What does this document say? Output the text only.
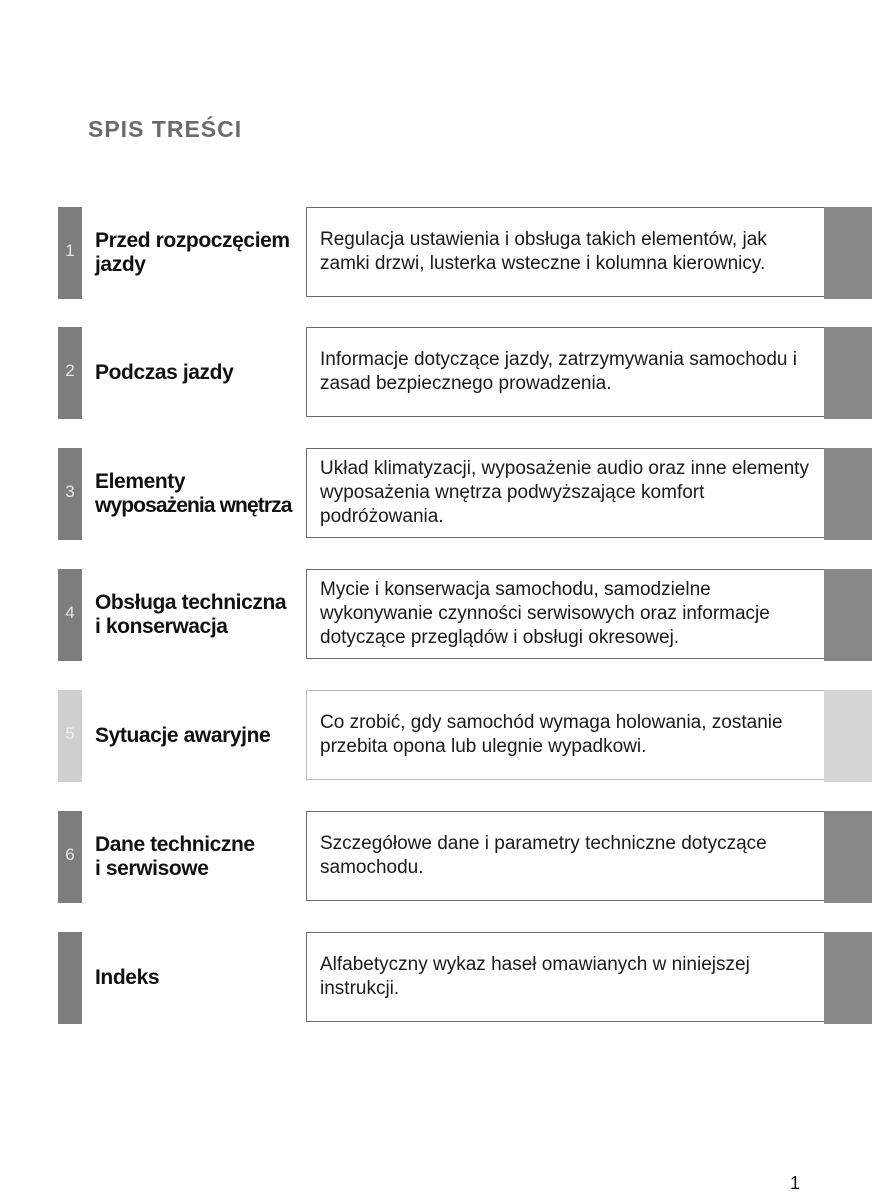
SPIS TREŚCI
1 Przed rozpoczęciem
jazdy
Regulacja ustawienia i obsługa takich elementów, jak zamki drzwi, lusterka wsteczne i kolumna kierownicy.
2 Podczas jazdy
Informacje dotyczące jazdy, zatrzymywania samochodu i zasad bezpiecznego prowadzenia.
3 Elementy
wyposażenia wnętrza
Układ klimatyzacji, wyposażenie audio oraz inne elementy wyposażenia wnętrza podwyższające komfort podróżowania.
4 Obsługa techniczna
i konserwacja
Mycie i konserwacja samochodu, samodzielne wykonywanie czynności serwisowych oraz informacje dotyczące przeglądów i obsługi okresowej.
5 Sytuacje awaryjne
Co zrobić, gdy samochód wymaga holowania, zostanie przebita opona lub ulegnie wypadkowi.
6 Dane techniczne
i serwisowe
Szczegółowe dane i parametry techniczne dotyczące samochodu.
Indeks
Alfabetyczny wykaz haseł omawianych w niniejszej instrukcji.
1
